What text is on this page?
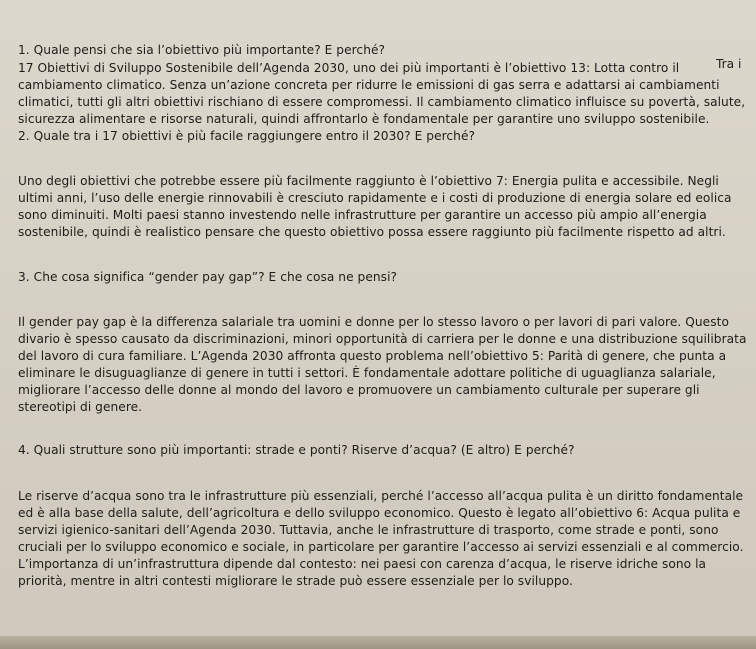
1. Quale pensi che sia l’obiettivo più importante? E perché?
Tra i
17 Obiettivi di Sviluppo Sostenibile dell’Agenda 2030, uno dei più importanti è l’obiettivo 13: Lotta contro il
cambiamento climatico. Senza un’azione concreta per ridurre le emissioni di gas serra e adattarsi ai cambiamenti
climatici, tutti gli altri obiettivi rischiano di essere compromessi. Il cambiamento climatico influisce su povertà, salute,
sicurezza alimentare e risorse naturali, quindi affrontarlo è fondamentale per garantire uno sviluppo sostenibile.
2. Quale tra i 17 obiettivi è più facile raggiungere entro il 2030? E perché?
Uno degli obiettivi che potrebbe essere più facilmente raggiunto è l’obiettivo 7: Energia pulita e accessibile. Negli
ultimi anni, l’uso delle energie rinnovabili è cresciuto rapidamente e i costi di produzione di energia solare ed eolica
sono diminuiti. Molti paesi stanno investendo nelle infrastrutture per garantire un accesso più ampio all’energia
sostenibile, quindi è realistico pensare che questo obiettivo possa essere raggiunto più facilmente rispetto ad altri.
3. Che cosa significa “gender pay gap”? E che cosa ne pensi?
Il gender pay gap è la differenza salariale tra uomini e donne per lo stesso lavoro o per lavori di pari valore. Questo
divario è spesso causato da discriminazioni, minori opportunità di carriera per le donne e una distribuzione squilibrata
del lavoro di cura familiare. L’Agenda 2030 affronta questo problema nell’obiettivo 5: Parità di genere, che punta a
eliminare le disuguaglianze di genere in tutti i settori. È fondamentale adottare politiche di uguaglianza salariale,
migliorare l’accesso delle donne al mondo del lavoro e promuovere un cambiamento culturale per superare gli
stereotipi di genere.
4. Quali strutture sono più importanti: strade e ponti? Riserve d’acqua? (E altro) E perché?
Le riserve d’acqua sono tra le infrastrutture più essenziali, perché l’accesso all’acqua pulita è un diritto fondamentale
ed è alla base della salute, dell’agricoltura e dello sviluppo economico. Questo è legato all’obiettivo 6: Acqua pulita e
servizi igienico-sanitari dell’Agenda 2030. Tuttavia, anche le infrastrutture di trasporto, come strade e ponti, sono
cruciali per lo sviluppo economico e sociale, in particolare per garantire l’accesso ai servizi essenziali e al commercio.
L’importanza di un’infrastruttura dipende dal contesto: nei paesi con carenza d’acqua, le riserve idriche sono la
priorità, mentre in altri contesti migliorare le strade può essere essenziale per lo sviluppo.
